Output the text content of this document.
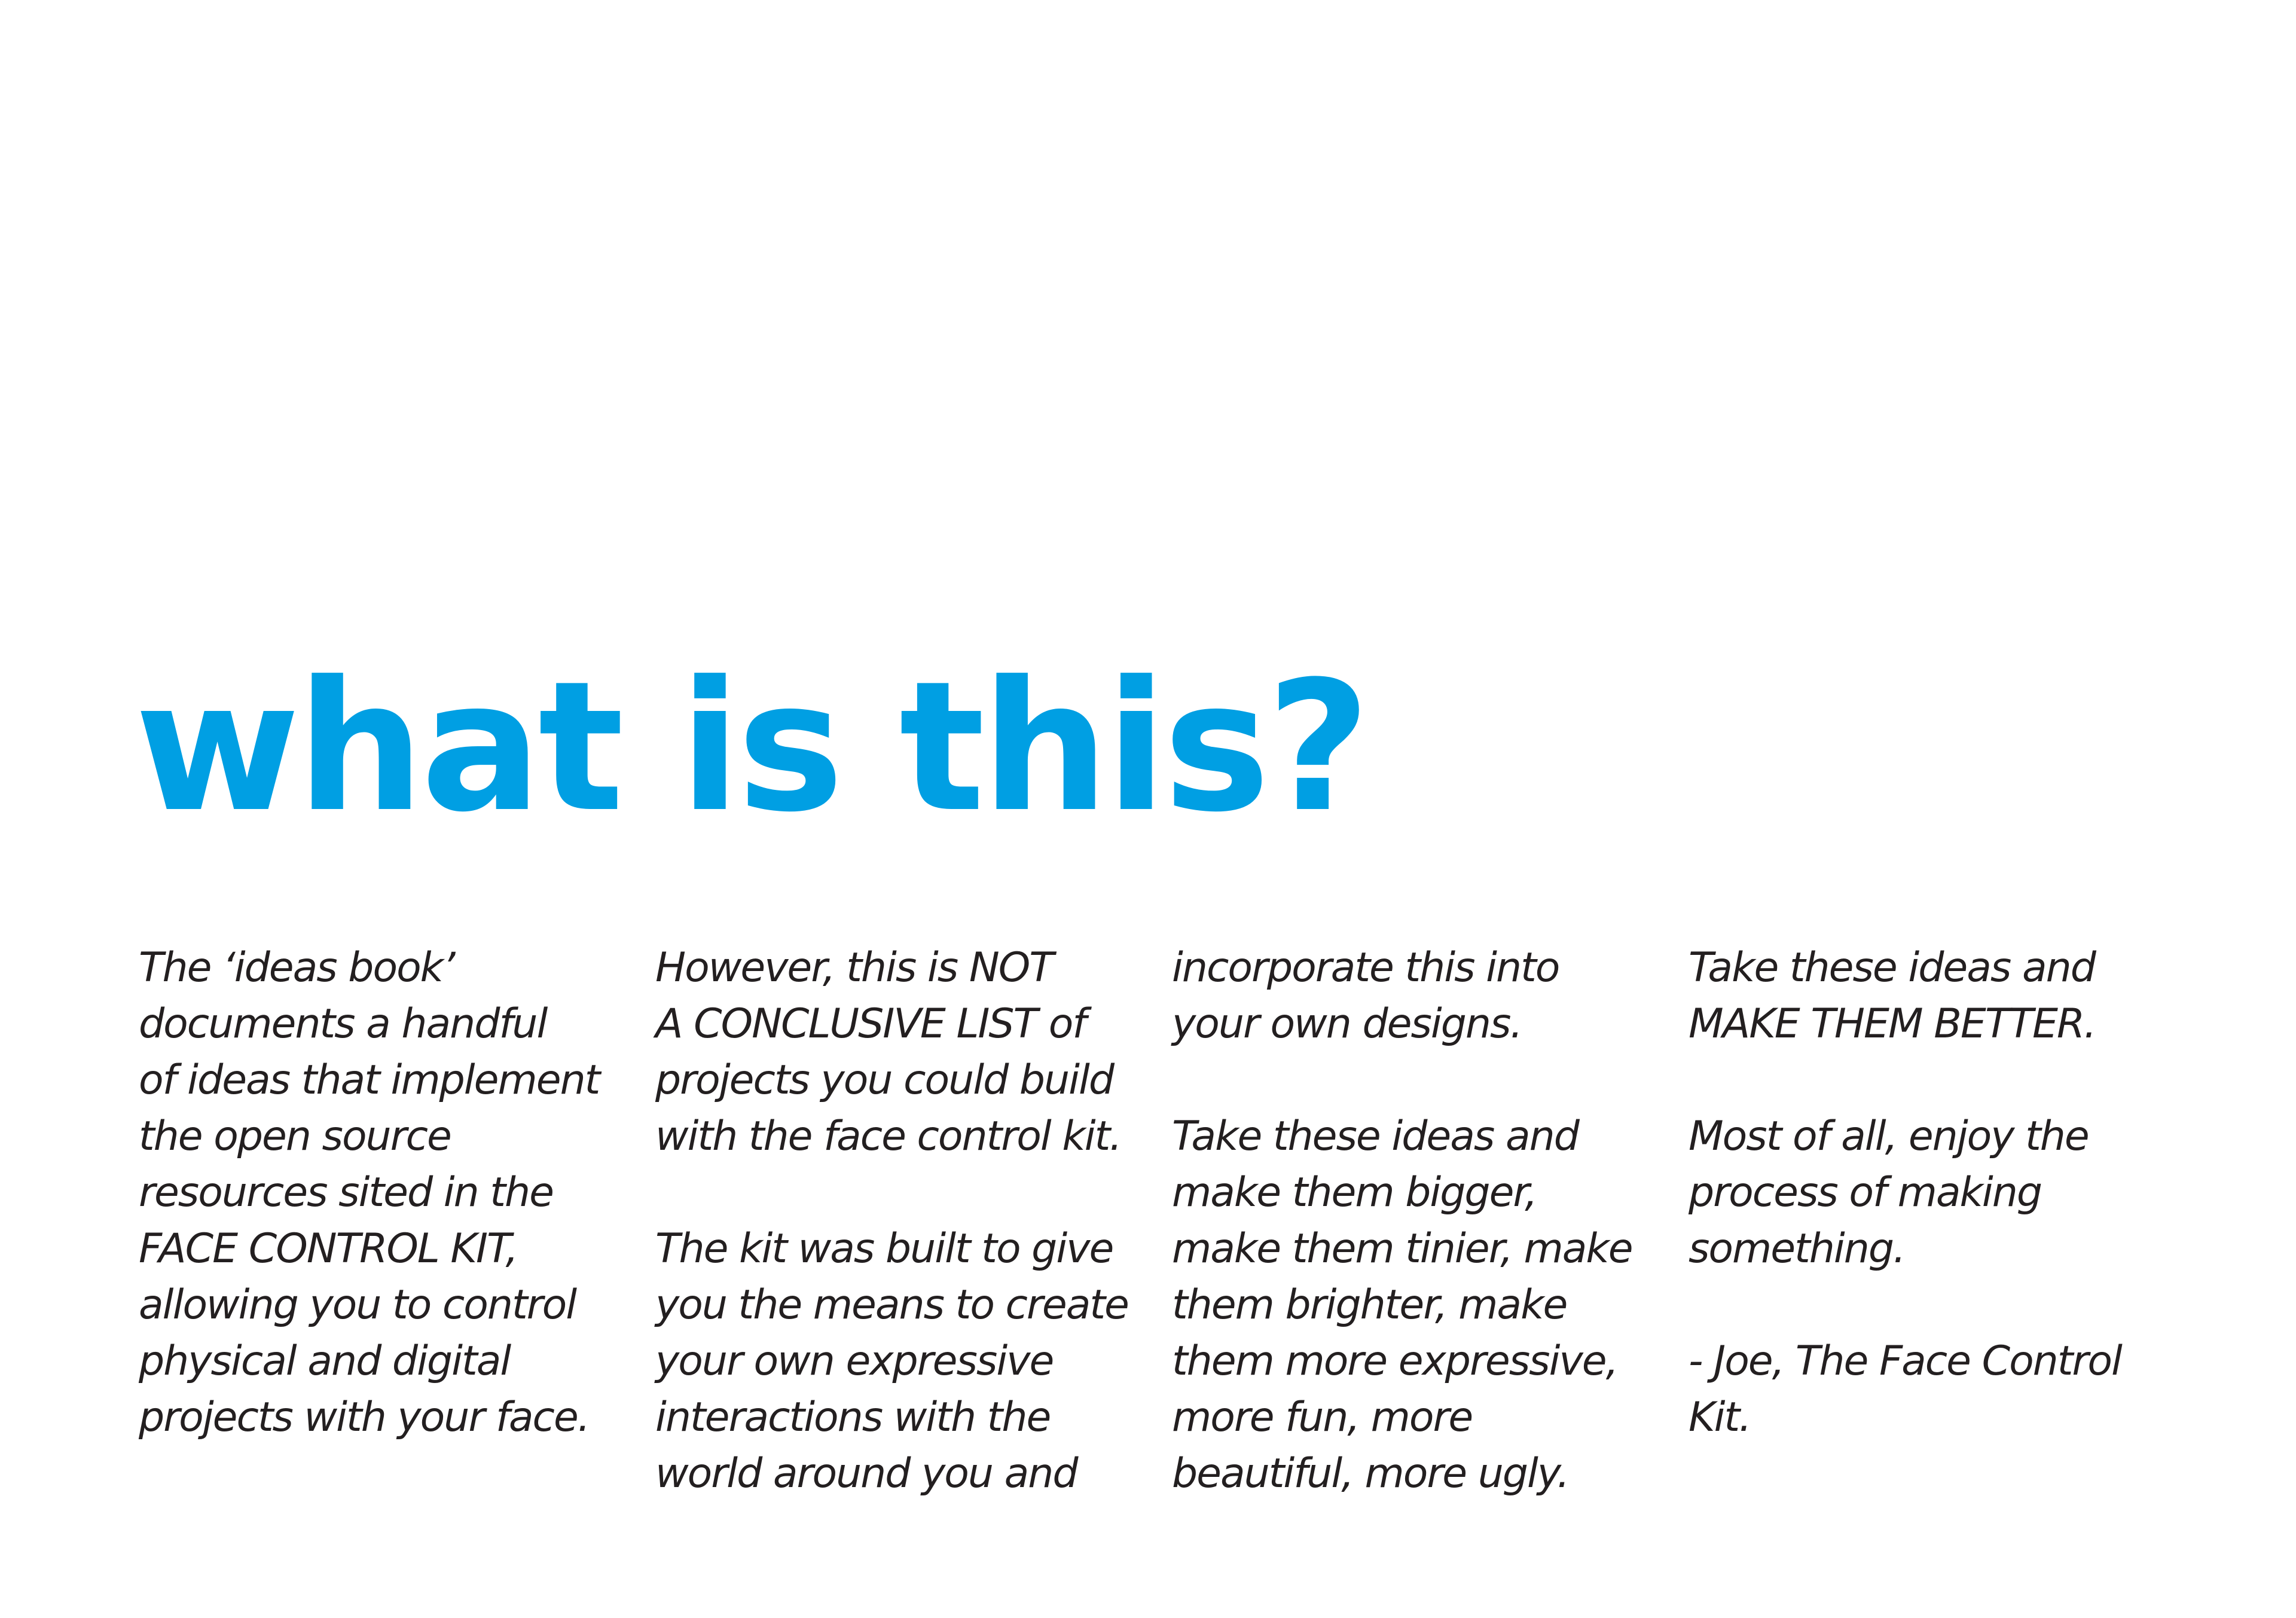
what is this?

The ‘ideas book’
documents a handful
of ideas that implement
the open source
resources sited in the
FACE CONTROL KIT,
allowing you to control
physical and digital
projects with your face.

However, this is NOT
A CONCLUSIVE LIST of
projects you could build
with the face control kit.

The kit was built to give
you the means to create
your own expressive
interactions with the
world around you and

incorporate this into
your own designs.

Take these ideas and
make them bigger,
make them tinier, make
them brighter, make
them more expressive,
more fun, more
beautiful, more ugly.

Take these ideas and
MAKE THEM BETTER.

Most of all, enjoy the
process of making
something.

- Joe, The Face Control
Kit.
